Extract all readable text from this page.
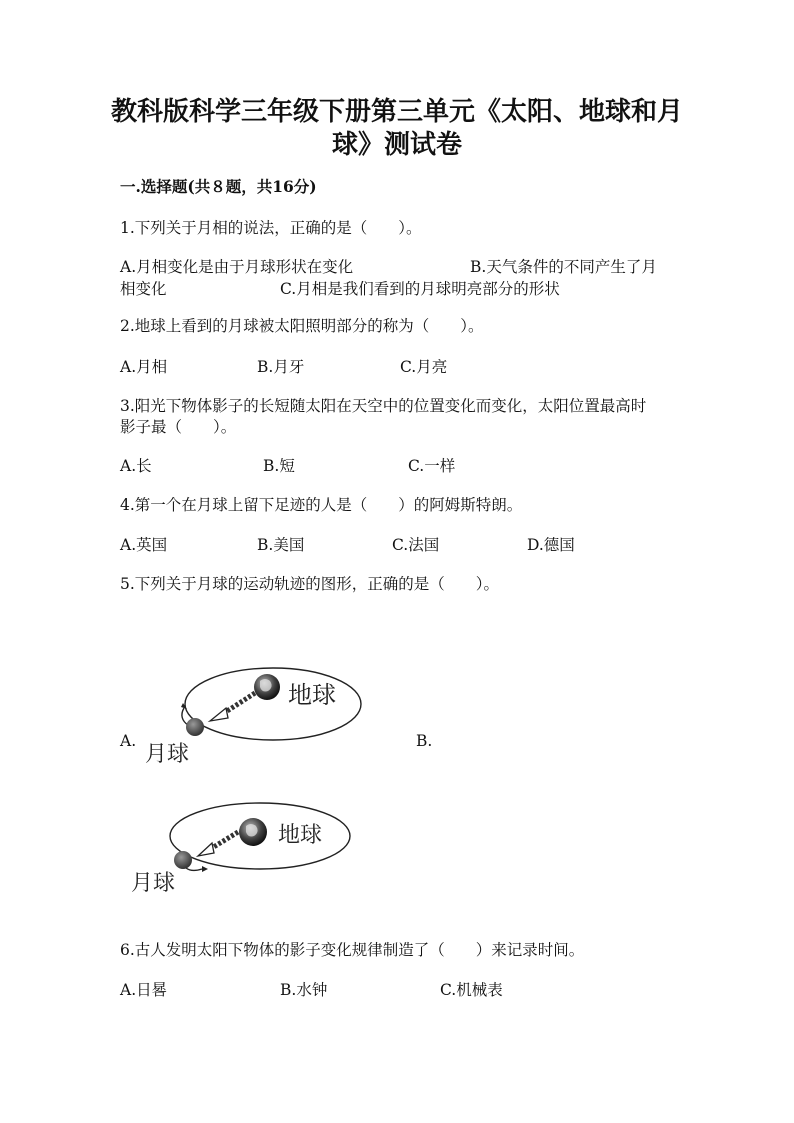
教科版科学三年级下册第三单元《太阳、地球和月
球》测试卷
一.选择题(共８题，共16分)
1.下列关于月相的说法，正确的是（　　）。
A.月相变化是由于月球形状在变化	B.天气条件的不同产生了月
相变化	C.月相是我们看到的月球明亮部分的形状
2.地球上看到的月球被太阳照明部分的称为（　　）。
A.月相	B.月牙	C.月亮
3.阳光下物体影子的长短随太阳在天空中的位置变化而变化，太阳位置最高时
影子最（　　）。
A.长	B.短	C.一样
4.第一个在月球上留下足迹的人是（　　）的阿姆斯特朗。
A.英国	B.美国	C.法国	D.德国
5.下列关于月球的运动轨迹的图形，正确的是（　　）。
A.	B.
地球
月球
地球
月球
6.古人发明太阳下物体的影子变化规律制造了（　　）来记录时间。
A.日晷	B.水钟	C.机械表
